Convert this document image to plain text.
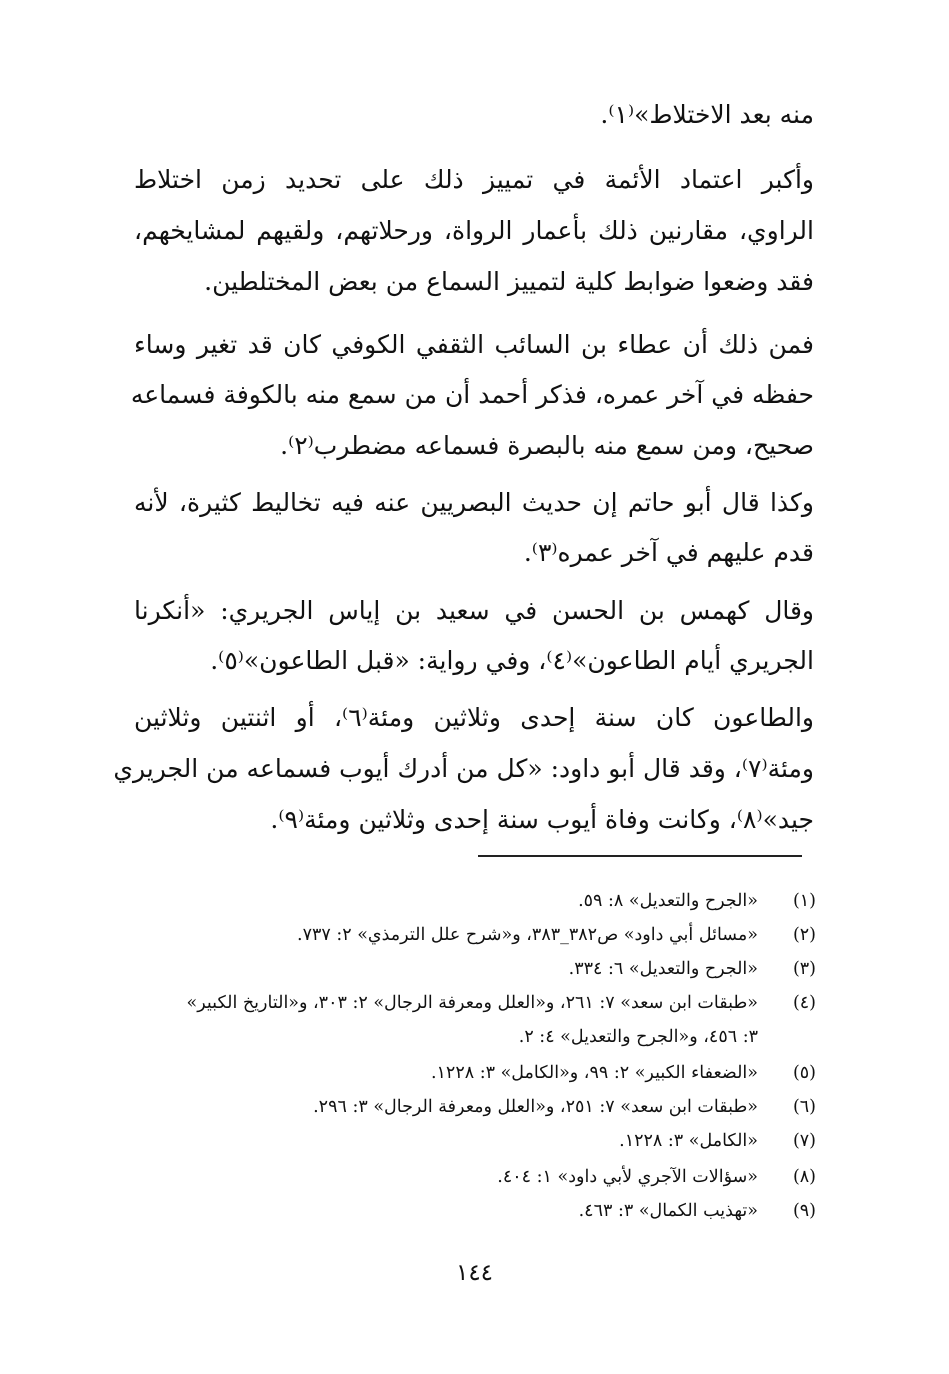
منه بعد الاختلاط»⁽١⁾.
وأكبر اعتماد الأئمة في تمييز ذلك على تحديد زمن اختلاط
الراوي، مقارنين ذلك بأعمار الرواة، ورحلاتهم، ولقيهم لمشايخهم،
فقد وضعوا ضوابط كلية لتمييز السماع من بعض المختلطين.
فمن ذلك أن عطاء بن السائب الثقفي الكوفي كان قد تغير وساء
حفظه في آخر عمره، فذكر أحمد أن من سمع منه بالكوفة فسماعه
صحيح، ومن سمع منه بالبصرة فسماعه مضطرب⁽٢⁾.
وكذا قال أبو حاتم إن حديث البصريين عنه فيه تخاليط كثيرة، لأنه
قدم عليهم في آخر عمره⁽٣⁾.
وقال كهمس بن الحسن في سعيد بن إياس الجريري: «أنكرنا
الجريري أيام الطاعون»⁽٤⁾، وفي رواية: «قبل الطاعون»⁽٥⁾.
والطاعون كان سنة إحدى وثلاثين ومئة⁽٦⁾، أو اثنتين وثلاثين
ومئة⁽٧⁾، وقد قال أبو داود: «كل من أدرك أيوب فسماعه من الجريري
جيد»⁽٨⁾، وكانت وفاة أيوب سنة إحدى وثلاثين ومئة⁽٩⁾.
(١)«الجرح والتعديل» ٨: ٥٩.
(٢)«مسائل أبي داود» ص٣٨٢_٣٨٣، و«شرح علل الترمذي» ٢: ٧٣٧.
(٣)«الجرح والتعديل» ٦: ٣٣٤.
(٤)«طبقات ابن سعد» ٧: ٢٦١، و«العلل ومعرفة الرجال» ٢: ٣٠٣، و«التاريخ الكبير»
٣: ٤٥٦، و«الجرح والتعديل» ٤: ٢.
(٥)«الضعفاء الكبير» ٢: ٩٩، و«الكامل» ٣: ١٢٢٨.
(٦)«طبقات ابن سعد» ٧: ٢٥١، و«العلل ومعرفة الرجال» ٣: ٢٩٦.
(٧)«الكامل» ٣: ١٢٢٨.
(٨)«سؤالات الآجري لأبي داود» ١: ٤٠٤.
(٩)«تهذيب الكمال» ٣: ٤٦٣.
١٤٤
